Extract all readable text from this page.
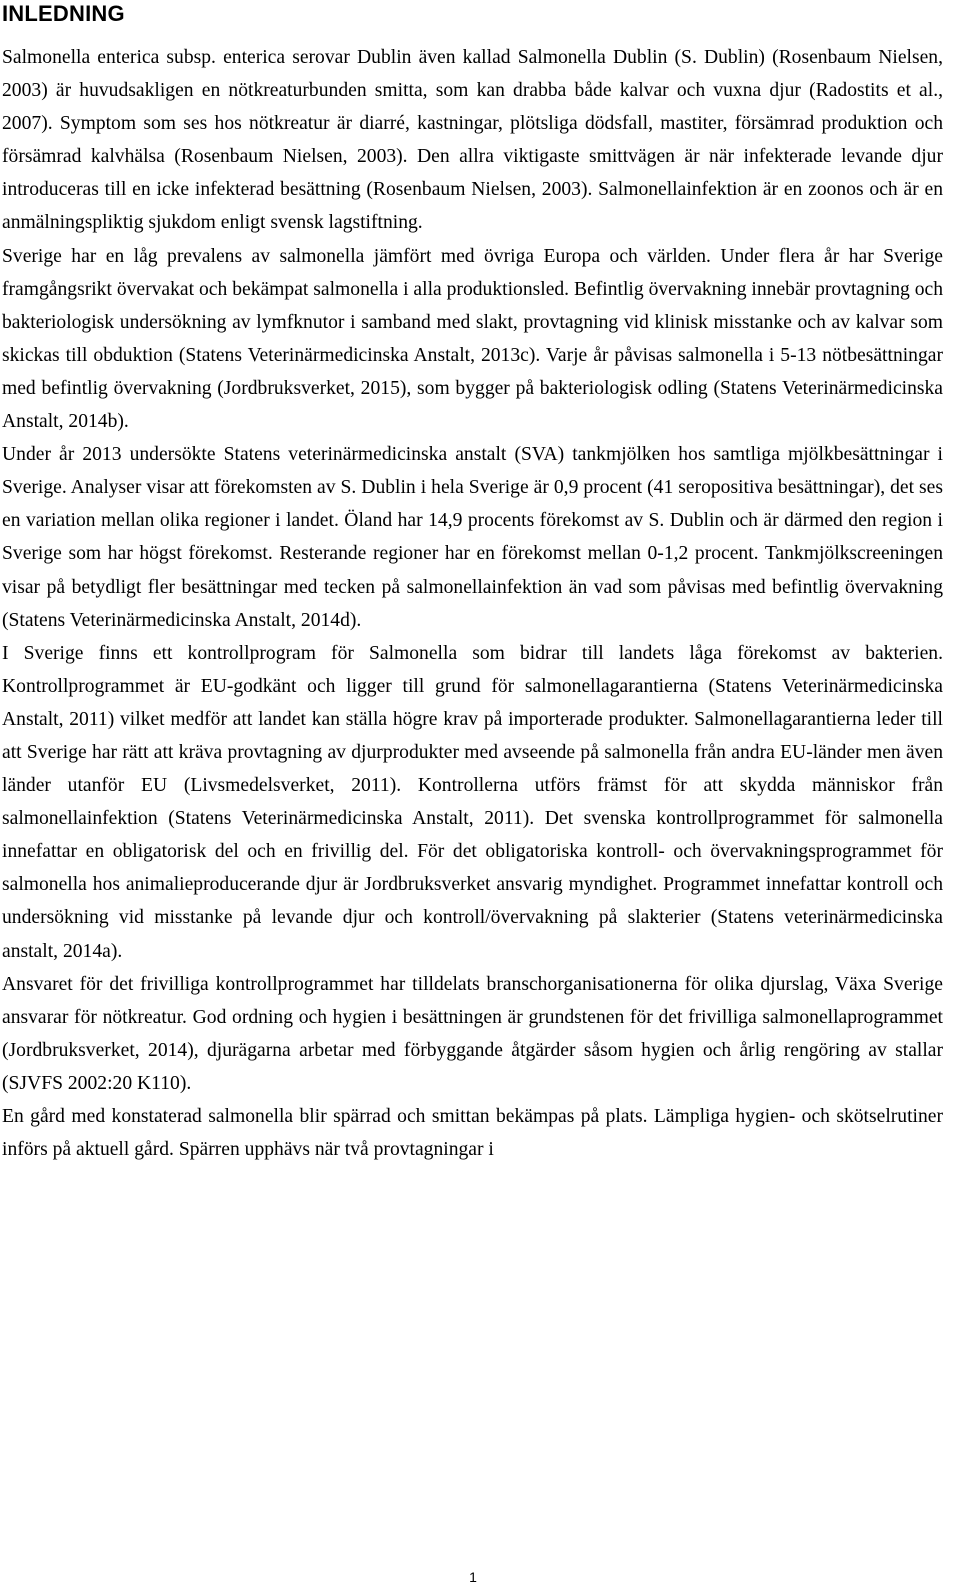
INLEDNING

Salmonella enterica subsp. enterica serovar Dublin även kallad Salmonella Dublin (S. Dublin) (Rosenbaum Nielsen, 2003) är huvudsakligen en nötkreaturbunden smitta, som kan drabba både kalvar och vuxna djur (Radostits et al., 2007). Symptom som ses hos nötkreatur är diarré, kastningar, plötsliga dödsfall, mastiter, försämrad produktion och försämrad kalvhälsa (Rosenbaum Nielsen, 2003). Den allra viktigaste smittvägen är när infekterade levande djur introduceras till en icke infekterad besättning (Rosenbaum Nielsen, 2003). Salmonellainfektion är en zoonos och är en anmälningspliktig sjukdom enligt svensk lagstiftning.

Sverige har en låg prevalens av salmonella jämfört med övriga Europa och världen. Under flera år har Sverige framgångsrikt övervakat och bekämpat salmonella i alla produktionsled. Befintlig övervakning innebär provtagning och bakteriologisk undersökning av lymfknutor i samband med slakt, provtagning vid klinisk misstanke och av kalvar som skickas till obduktion (Statens Veterinärmedicinska Anstalt, 2013c). Varje år påvisas salmonella i 5-13 nötbesättningar med befintlig övervakning (Jordbruksverket, 2015), som bygger på bakteriologisk odling (Statens Veterinärmedicinska Anstalt, 2014b).

Under år 2013 undersökte Statens veterinärmedicinska anstalt (SVA) tankmjölken hos samtliga mjölkbesättningar i Sverige. Analyser visar att förekomsten av S. Dublin i hela Sverige är 0,9 procent (41 seropositiva besättningar), det ses en variation mellan olika regioner i landet. Öland har 14,9 procents förekomst av S. Dublin och är därmed den region i Sverige som har högst förekomst. Resterande regioner har en förekomst mellan 0-1,2 procent. Tankmjölkscreeningen visar på betydligt fler besättningar med tecken på salmonellainfektion än vad som påvisas med befintlig övervakning (Statens Veterinärmedicinska Anstalt, 2014d).

I Sverige finns ett kontrollprogram för Salmonella som bidrar till landets låga förekomst av bakterien. Kontrollprogrammet är EU-godkänt och ligger till grund för salmonellagarantierna (Statens Veterinärmedicinska Anstalt, 2011) vilket medför att landet kan ställa högre krav på importerade produkter. Salmonellagarantierna leder till att Sverige har rätt att kräva provtagning av djurprodukter med avseende på salmonella från andra EU-länder men även länder utanför EU (Livsmedelsverket, 2011). Kontrollerna utförs främst för att skydda människor från salmonellainfektion (Statens Veterinärmedicinska Anstalt, 2011). Det svenska kontrollprogrammet för salmonella innefattar en obligatorisk del och en frivillig del. För det obligatoriska kontroll- och övervakningsprogrammet för salmonella hos animalieproducerande djur är Jordbruksverket ansvarig myndighet. Programmet innefattar kontroll och undersökning vid misstanke på levande djur och kontroll/övervakning på slakterier (Statens veterinärmedicinska anstalt, 2014a).

Ansvaret för det frivilliga kontrollprogrammet har tilldelats branschorganisationerna för olika djurslag, Växa Sverige ansvarar för nötkreatur. God ordning och hygien i besättningen är grundstenen för det frivilliga salmonellaprogrammet (Jordbruksverket, 2014), djurägarna arbetar med förbyggande åtgärder såsom hygien och årlig rengöring av stallar (SJVFS 2002:20 K110).

En gård med konstaterad salmonella blir spärrad och smittan bekämpas på plats. Lämpliga hygien- och skötselrutiner införs på aktuell gård. Spärren upphävs när två provtagningar i

1
